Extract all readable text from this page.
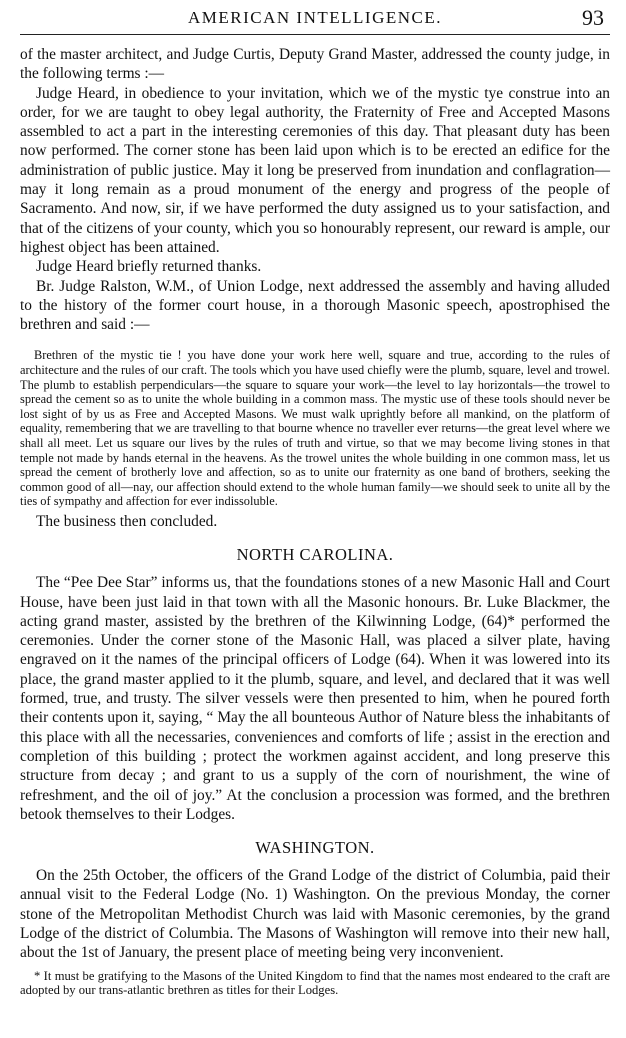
AMERICAN INTELLIGENCE.	93

of the master architect, and Judge Curtis, Deputy Grand Master, addressed the county judge, in the following terms :—

Judge Heard, in obedience to your invitation, which we of the mystic tye construe into an order, for we are taught to obey legal authority, the Fraternity of Free and Accepted Masons assembled to act a part in the interesting ceremonies of this day. That pleasant duty has been now performed. The corner stone has been laid upon which is to be erected an edifice for the administration of public justice. May it long be preserved from inundation and conflagration—may it long remain as a proud monument of the energy and progress of the people of Sacramento. And now, sir, if we have performed the duty assigned us to your satisfaction, and that of the citizens of your county, which you so honourably represent, our reward is ample, our highest object has been attained.

Judge Heard briefly returned thanks.

Br. Judge Ralston, W.M., of Union Lodge, next addressed the assembly and having alluded to the history of the former court house, in a thorough Masonic speech, apostrophised the brethren and said :—

Brethren of the mystic tie ! you have done your work here well, square and true, according to the rules of architecture and the rules of our craft. The tools which you have used chiefly were the plumb, square, level and trowel. The plumb to establish perpendiculars—the square to square your work—the level to lay horizontals—the trowel to spread the cement so as to unite the whole building in a common mass. The mystic use of these tools should never be lost sight of by us as Free and Accepted Masons. We must walk uprightly before all mankind, on the platform of equality, remembering that we are travelling to that bourne whence no traveller ever returns—the great level where we shall all meet. Let us square our lives by the rules of truth and virtue, so that we may become living stones in that temple not made by hands eternal in the heavens. As the trowel unites the whole building in one common mass, let us spread the cement of brotherly love and affection, so as to unite our fraternity as one band of brothers, seeking the common good of all—nay, our affection should extend to the whole human family—we should seek to unite all by the ties of sympathy and affection for ever indissoluble.

The business then concluded.

NORTH CAROLINA.

The “Pee Dee Star” informs us, that the foundations stones of a new Masonic Hall and Court House, have been just laid in that town with all the Masonic honours. Br. Luke Blackmer, the acting grand master, assisted by the brethren of the Kilwinning Lodge, (64)* performed the ceremonies. Under the corner stone of the Masonic Hall, was placed a silver plate, having engraved on it the names of the principal officers of Lodge (64). When it was lowered into its place, the grand master applied to it the plumb, square, and level, and declared that it was well formed, true, and trusty. The silver vessels were then presented to him, when he poured forth their contents upon it, saying, “ May the all bounteous Author of Nature bless the inhabitants of this place with all the necessaries, conveniences and comforts of life ; assist in the erection and completion of this building ; protect the workmen against accident, and long preserve this structure from decay ; and grant to us a supply of the corn of nourishment, the wine of refreshment, and the oil of joy.” At the conclusion a procession was formed, and the brethren betook themselves to their Lodges.

WASHINGTON.

On the 25th October, the officers of the Grand Lodge of the district of Columbia, paid their annual visit to the Federal Lodge (No. 1) Washington. On the previous Monday, the corner stone of the Metropolitan Methodist Church was laid with Masonic ceremonies, by the grand Lodge of the district of Columbia. The Masons of Washington will remove into their new hall, about the 1st of January, the present place of meeting being very inconvenient.

* It must be gratifying to the Masons of the United Kingdom to find that the names most endeared to the craft are adopted by our trans-atlantic brethren as titles for their Lodges.
